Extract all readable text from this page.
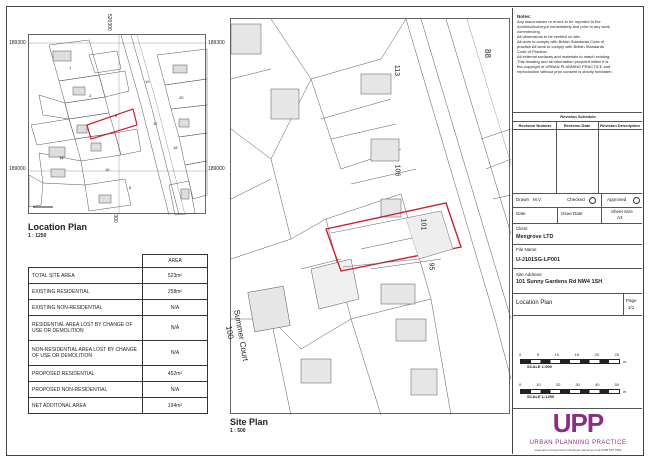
189300	189300
520300
189000	189000
8
10
12
14
16
18
20
1
3
5
Location Plan
1 : 1250
	AREA
TOTAL SITE AREA	523m²
EXISTING RESIDENTIAL	258m²
EXISTING NON-RESIDENTIAL	N/A
RESIDENTIAL AREA LOST BY CHANGE OF USE OR DEMOLITION	N/A
NON-RESIDENTIAL AREA LOST BY CHANGE OF USE OR DEMOLITION	N/A
PROPOSED RESIDENTIAL	452m²
PROPOSED NON-RESIDENTIAL	N/A
NET ADDITONAL AREA	194m²
88
113
106
101
95
Summer Court
100
Site Plan
1 : 500

Notes:

Any inaccuracies or errors to be reported to the

Architect/surveyor immediately and prior to any work

commencing.

All dimensions to be verified on site.

All work to comply with British Standards Code of

practice All work to comply with British Standards

Code of Practice.

All external surfaces and materials to match existing.

This drawing and all information provided within it is

the copyright of URBAN PLANNING PRACTICE and

reproduction without prior consent is strictly forbidden.

Revision Schedule
Revision Number	Revision Date	Revision Description
Drawn M.V.	Checked	Approved
Date	Issue Date	Sheet Size
A3
Client
Mexgrove LTD
File Name
U-J101SG-LP001
Site Address:
101 Sunny Gardens Rd NW4 1SH
Location Plan	Page
1/1
0	5	10	15	20	25
m
SCALE 1:500
0	10	20	30	40	50
m
SCALE 1:1250
UPP
URBAN PLANNING PRACTICE
www.upp.com/ypnuorch info@upp-planning.co.uk 0208 150 7994
